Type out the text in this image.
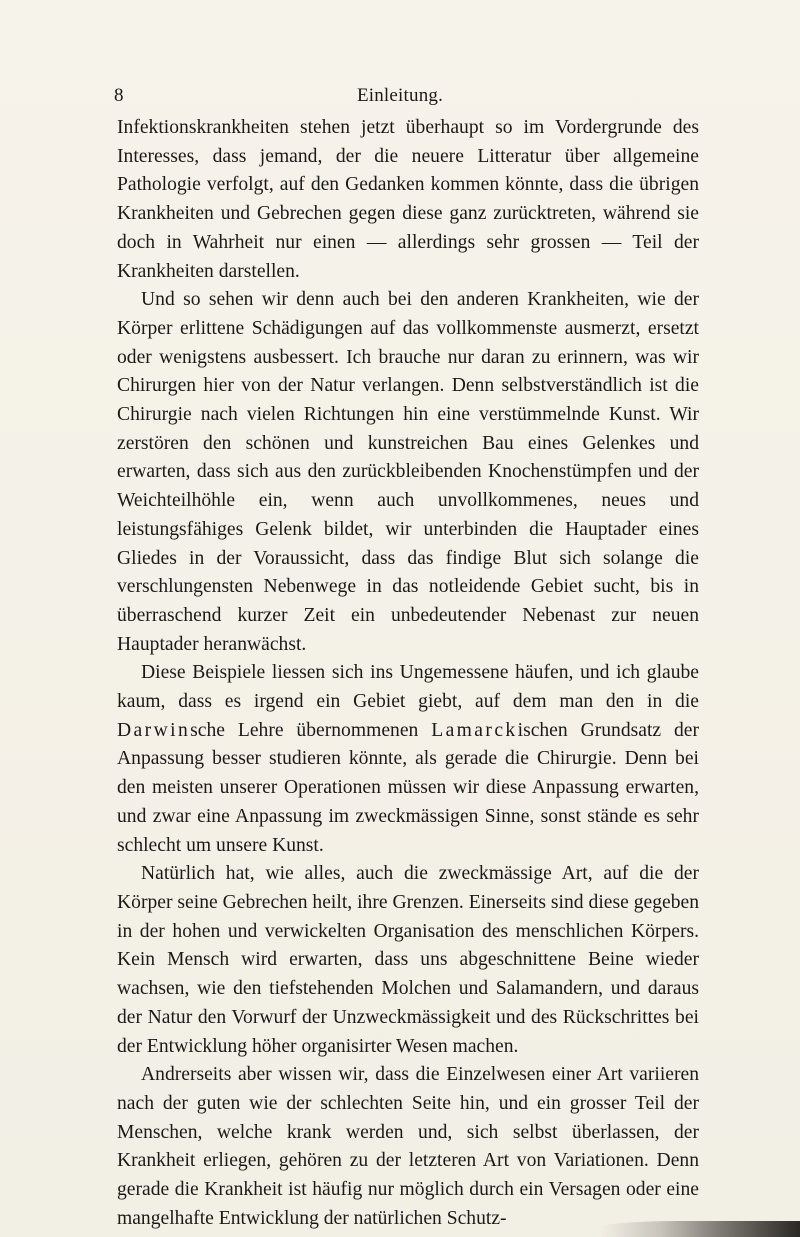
8	Einleitung.

Infektionskrankheiten stehen jetzt überhaupt so im Vordergrunde des Interesses, dass jemand, der die neuere Litteratur über allgemeine Pathologie verfolgt, auf den Gedanken kommen könnte, dass die übrigen Krankheiten und Gebrechen gegen diese ganz zurücktreten, während sie doch in Wahrheit nur einen — allerdings sehr grossen — Teil der Krankheiten darstellen.

Und so sehen wir denn auch bei den anderen Krankheiten, wie der Körper erlittene Schädigungen auf das vollkommenste ausmerzt, ersetzt oder wenigstens ausbessert. Ich brauche nur daran zu erinnern, was wir Chirurgen hier von der Natur verlangen. Denn selbstverständlich ist die Chirurgie nach vielen Richtungen hin eine verstümmelnde Kunst. Wir zerstören den schönen und kunstreichen Bau eines Gelenkes und erwarten, dass sich aus den zurückbleibenden Knochenstümpfen und der Weichteilhöhle ein, wenn auch unvollkommenes, neues und leistungsfähiges Gelenk bildet, wir unterbinden die Hauptader eines Gliedes in der Voraussicht, dass das findige Blut sich solange die verschlungensten Nebenwege in das notleidende Gebiet sucht, bis in überraschend kurzer Zeit ein unbedeutender Nebenast zur neuen Hauptader heranwächst.

Diese Beispiele liessen sich ins Ungemessene häufen, und ich glaube kaum, dass es irgend ein Gebiet giebt, auf dem man den in die Darwinsche Lehre übernommenen Lamarckischen Grundsatz der Anpassung besser studieren könnte, als gerade die Chirurgie. Denn bei den meisten unserer Operationen müssen wir diese Anpassung erwarten, und zwar eine Anpassung im zweckmässigen Sinne, sonst stände es sehr schlecht um unsere Kunst.

Natürlich hat, wie alles, auch die zweckmässige Art, auf die der Körper seine Gebrechen heilt, ihre Grenzen. Einerseits sind diese gegeben in der hohen und verwickelten Organisation des menschlichen Körpers. Kein Mensch wird erwarten, dass uns abgeschnittene Beine wieder wachsen, wie den tiefstehenden Molchen und Salamandern, und daraus der Natur den Vorwurf der Unzweckmässigkeit und des Rückschrittes bei der Entwicklung höher organisirter Wesen machen.

Andrerseits aber wissen wir, dass die Einzelwesen einer Art variieren nach der guten wie der schlechten Seite hin, und ein grosser Teil der Menschen, welche krank werden und, sich selbst überlassen, der Krankheit erliegen, gehören zu der letzteren Art von Variationen. Denn gerade die Krankheit ist häufig nur möglich durch ein Versagen oder eine mangelhafte Entwicklung der natürlichen Schutz-
